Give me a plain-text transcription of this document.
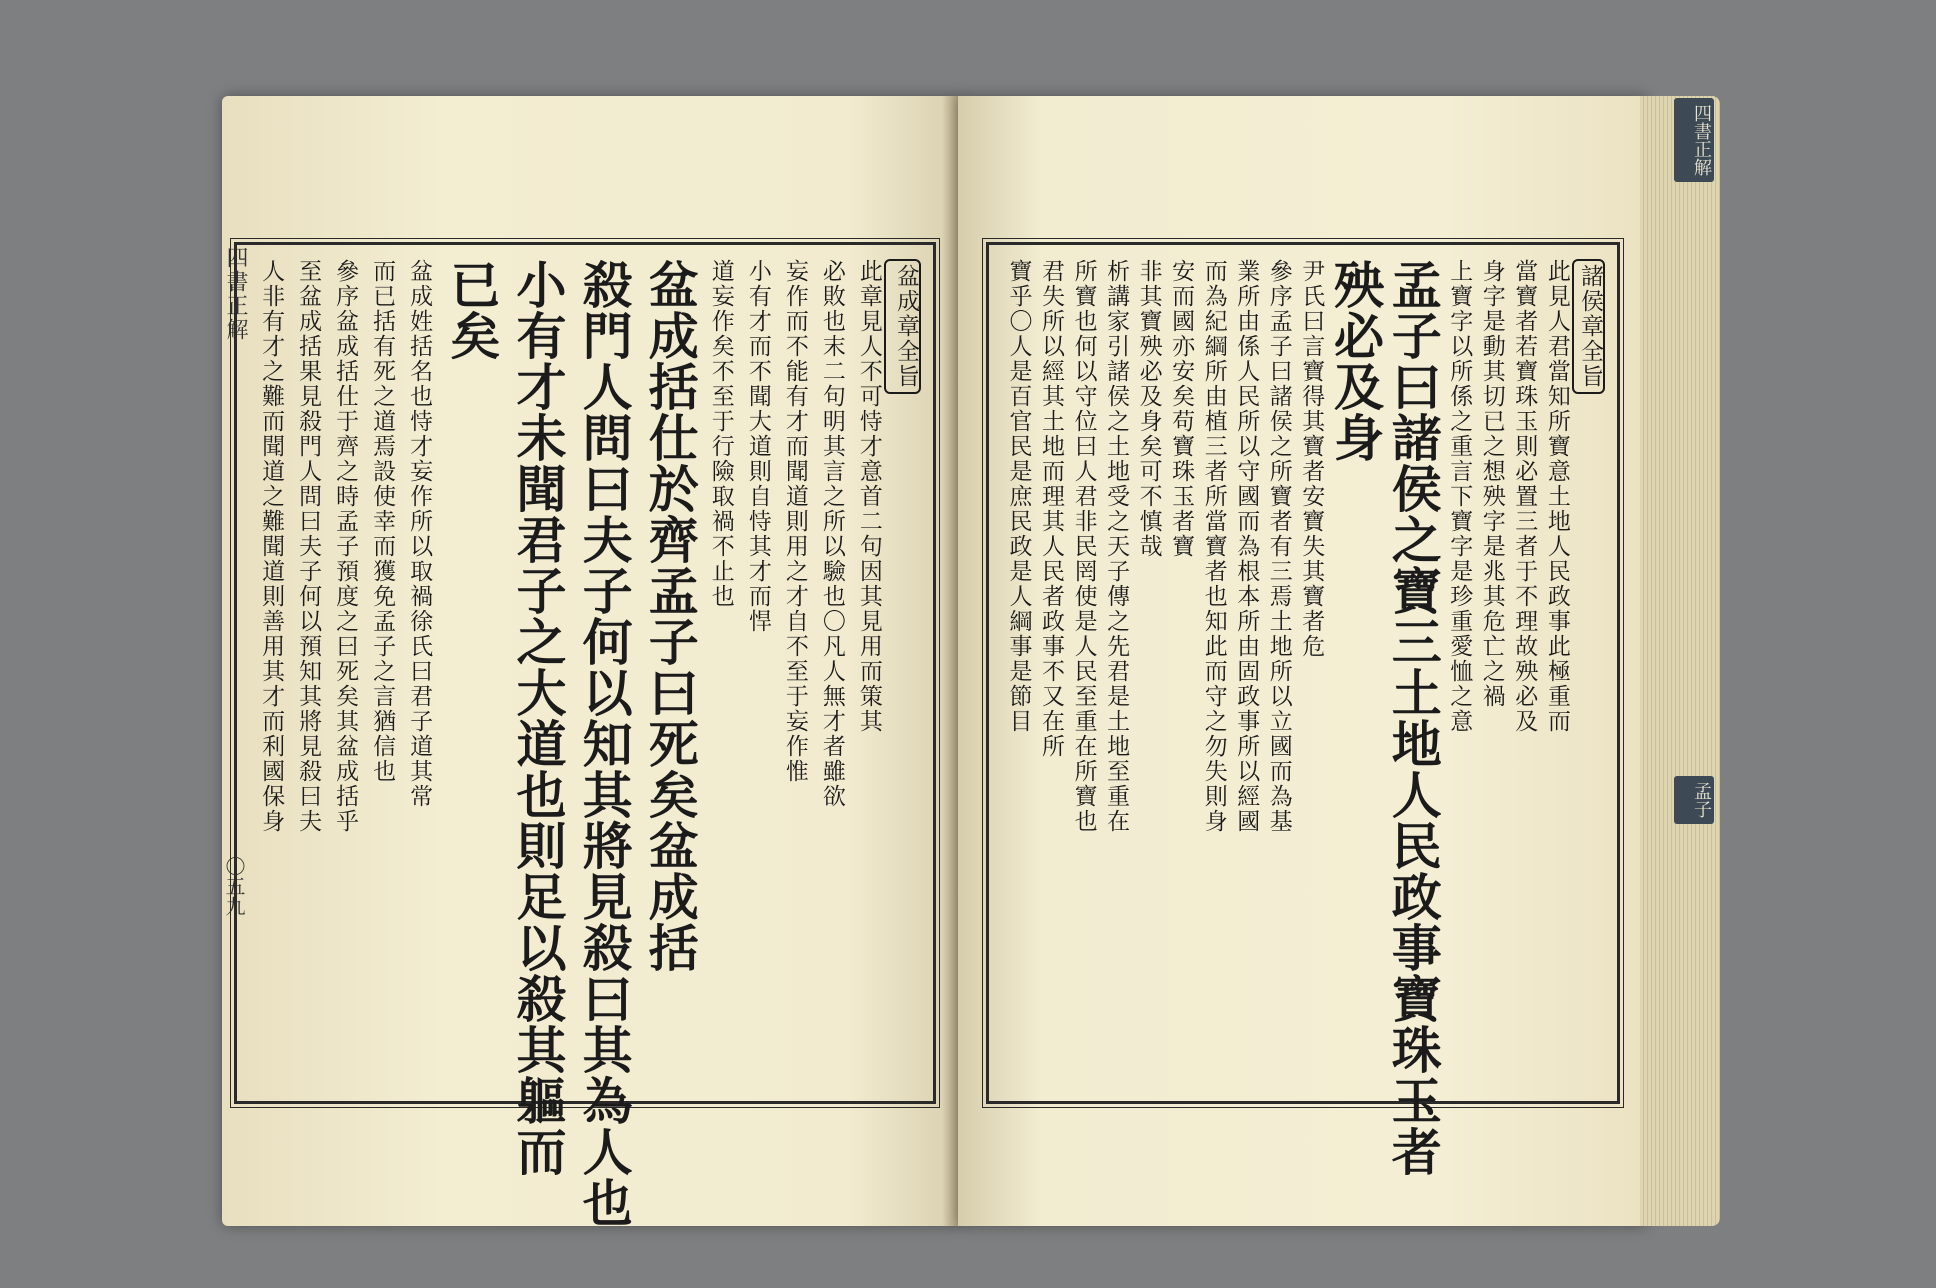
四書正解
〇五九
盆成章全旨
此章見人不可恃才意首二句因其見用而策其
必敗也末二句明其言之所以驗也〇凡人無才者雖欲
妄作而不能有才而聞道則用之才自不至于妄作惟
小有才而不聞大道則自恃其才而悍
道妄作矣不至于行險取禍不止也
盆成括仕於齊孟子曰死矣盆成括
殺門人問曰夫子何以知其將見殺曰其為人也
小有才未聞君子之大道也則足以殺其軀而
已矣
盆成姓括名也恃才妄作所以取禍徐氏曰君子道其常
而已括有死之道焉設使幸而獲免孟子之言猶信也
參序盆成括仕于齊之時孟子預度之曰死矣其盆成括乎
至盆成括果見殺門人問曰夫子何以預知其將見殺曰夫
人非有才之難而聞道之難聞道則善用其才而利國保身	諸侯章全旨
此見人君當知所寶意土地人民政事此極重而
當寶者若寶珠玉則必置三者于不理故殃必及
身字是動其切已之想殃字是兆其危亡之禍
上寶字以所係之重言下寶字是珍重愛恤之意
孟子曰諸侯之寶三土地人民政事寶珠玉者
殃必及身
尹氏曰言寶得其寶者安寶失其寶者危
參序孟子曰諸侯之所寶者有三焉土地所以立國而為基
業所由係人民所以守國而為根本所由固政事所以經國
而為紀綱所由植三者所當寶者也知此而守之勿失則身
安而國亦安矣苟寶珠玉者寶
非其寶殃必及身矣可不慎哉
析講家引諸侯之土地受之天子傳之先君是土地至重在
所寶也何以守位曰人君非民罔使是人民至重在所寶也
君失所以經其土地而理其人民者政事不又在所
寶乎〇人是百官民是庶民政是人綱事是節目
四書正解
孟子
